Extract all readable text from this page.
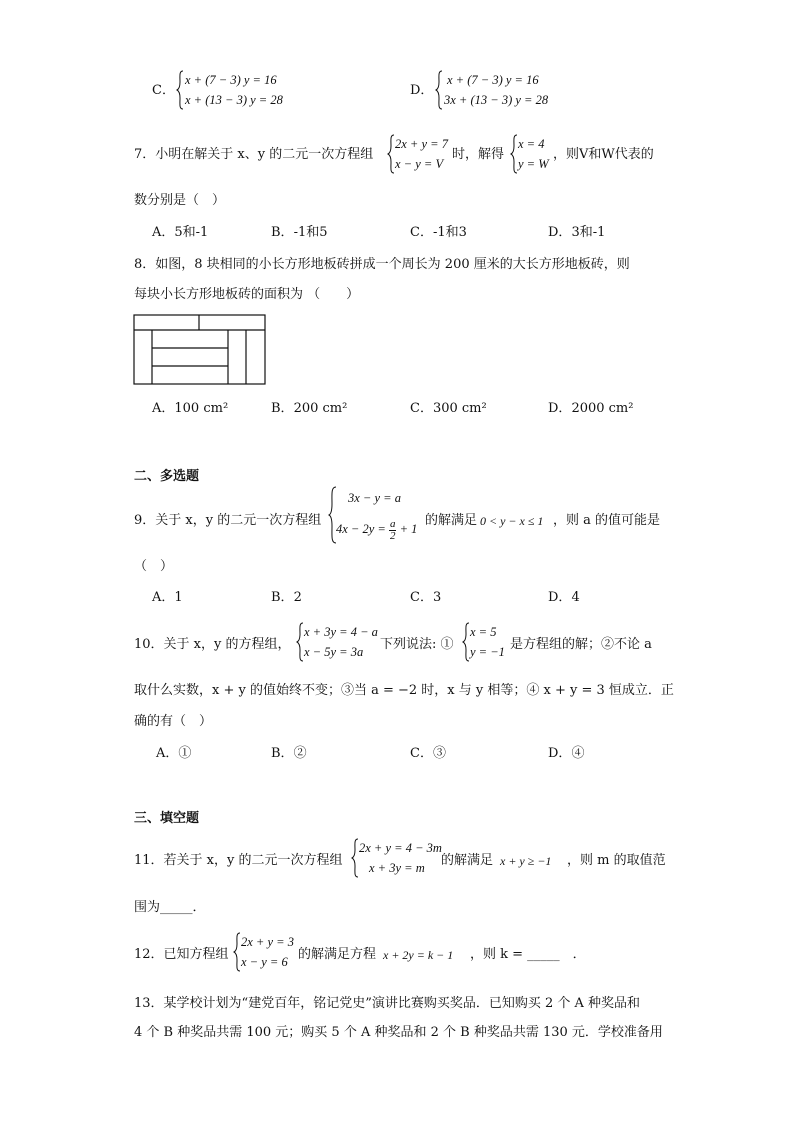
C．
x + (7 − 3) y = 16
x + (13 − 3) y = 28
D．
x + (7 − 3) y = 16
3x + (13 − 3) y = 28
7．小明在解关于 x、y 的二元一次方程组
2x + y = 7
x − y = V
时，解得
x = 4
y = W
，则V和W代表的
数分别是（　）
A．5和-1	B．-1和5	C．-1和3	D．3和-1
8．如图，8 块相同的小长方形地板砖拼成一个周长为 200 厘米的大长方形地板砖，则
每块小长方形地板砖的面积为 （　　）
A．100 cm²	B．200 cm²	C．300 cm²	D．2000 cm²
二、多选题
9．关于 x，y 的二元一次方程组
3x − y = a
$4x - 2y = \frac{a}{2} + 1$
的解满足 0 < y − x ≤ 1 ，则 a 的值可能是
（　）
A．1	B．2	C．3	D．4
10．关于 x，y 的方程组，
x + 3y = 4 − a
x − 5y = 3a 下列说法: ①
x = 5
y = −1 是方程组的解；②不论 a
取什么实数，x + y 的值始终不变；③当 a = −2 时，x 与 y 相等；④ x + y = 3 恒成立．正
确的有（　）
A．①	B．②	C．③	D．④
三、填空题
11．若关于 x，y 的二元一次方程组
2x + y = 4 − 3m
x + 3y = m 的解满足 x + y ≥ −1 ，则 m 的取值范
围为_____．
12．已知方程组
2x + y = 3
x − y = 6 的解满足方程 x + 2y = k − 1 ，则 k = _____　．
13．某学校计划为“建党百年，铭记党史”演讲比赛购买奖品．已知购买 2 个 A 种奖品和
4 个 B 种奖品共需 100 元；购买 5 个 A 种奖品和 2 个 B 种奖品共需 130 元．学校准备用
